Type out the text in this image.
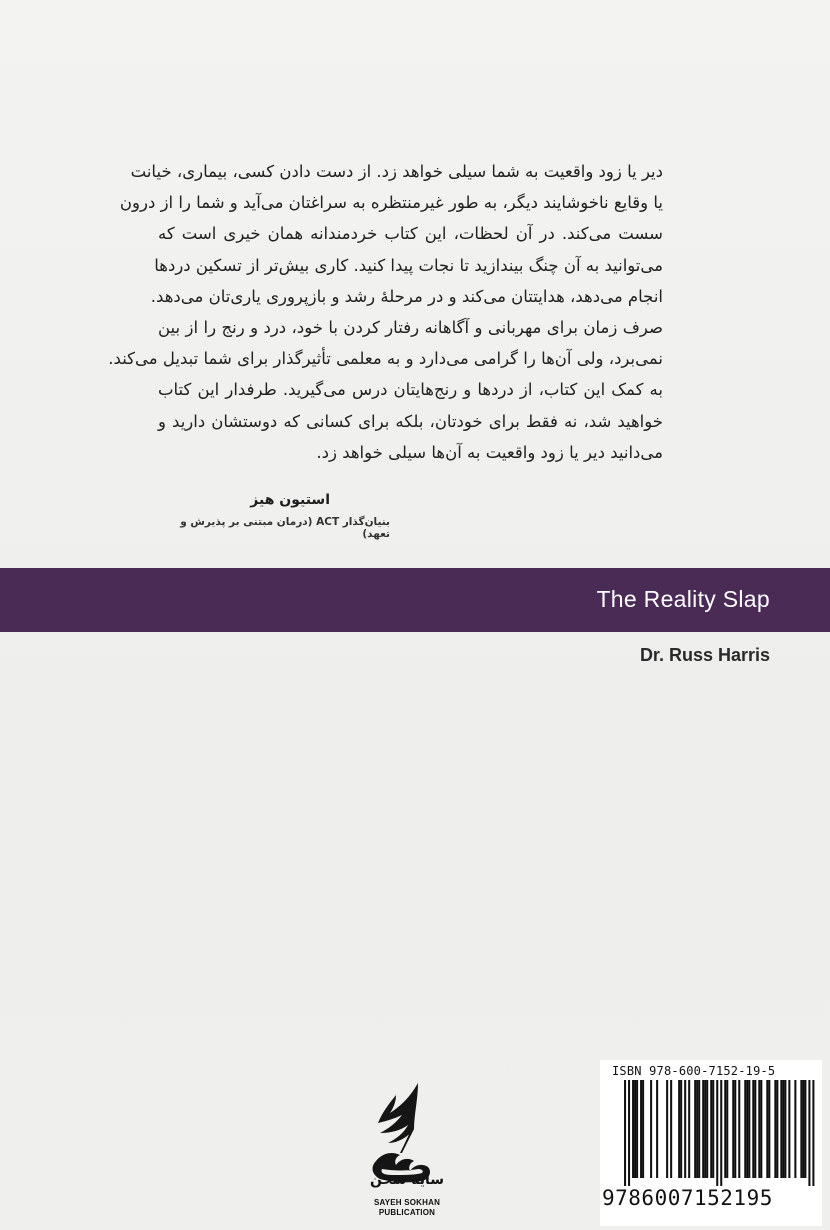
دیر یا زود واقعیت به شما سیلی خواهد زد. از دست دادن کسی، بیماری، خیانت
یا وقایع ناخوشایند دیگر، به طور غیرمنتظره به سراغتان می‌آید و شما را از درون
سست می‌کند. در آن لحظات، این کتاب خردمندانه همان خیری است که
می‌توانید به آن چنگ بیندازید تا نجات پیدا کنید. کاری بیش‌تر از تسکین دردها
انجام می‌دهد، هدایتتان می‌کند و در مرحلهٔ رشد و بازپروری یاری‌تان می‌دهد.
صرف زمان برای مهربانی و آگاهانه رفتار کردن با خود، درد و رنج را از بین
نمی‌برد، ولی آن‌ها را گرامی می‌دارد و به معلمی تأثیرگذار برای شما تبدیل می‌کند.
به کمک این کتاب، از دردها و رنج‌هایتان درس می‌گیرید. طرفدار این کتاب
خواهید شد، نه فقط برای خودتان، بلکه برای کسانی که دوستشان دارید و
می‌دانید دیر یا زود واقعیت به آن‌ها سیلی خواهد زد.
استیون هیز
بنیان‌گذار ACT (درمان مبتنی بر پذیرش و تعهد)
The Reality Slap
Dr. Russ Harris
سایه سخن
SAYEH SOKHAN
PUBLICATION
ISBN 978-600-7152-19-5
9786007152195
